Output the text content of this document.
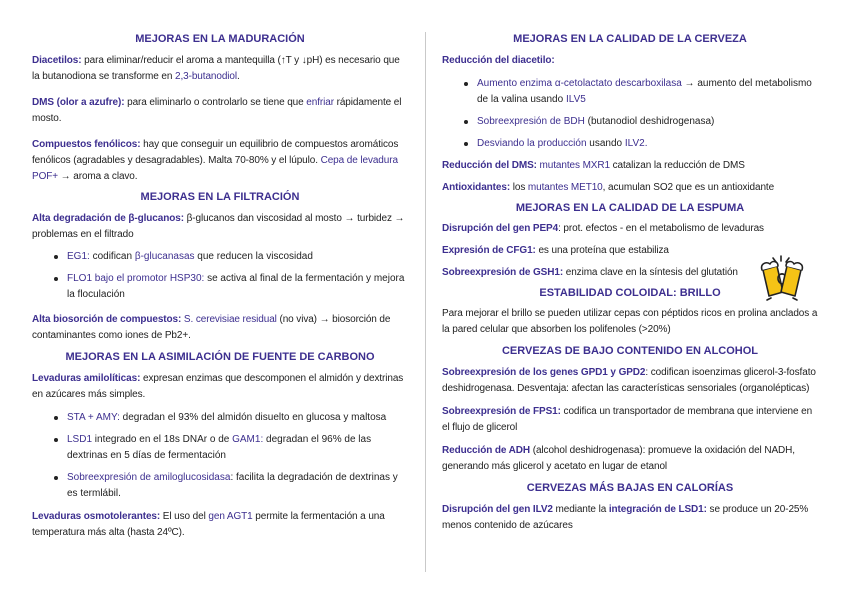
MEJORAS EN LA MADURACIÓN

Diacetilos: para eliminar/reducir el aroma a mantequilla (↑T y ↓pH) es necesario que la butanodiona se transforme en 2,3-butanodiol.

DMS (olor a azufre): para eliminarlo o controlarlo se tiene que enfriar rápidamente el mosto.

Compuestos fenólicos: hay que conseguir un equilibrio de compuestos aromáticos fenólicos (agradables y desagradables). Malta 70-80% y el lúpulo. Cepa de levadura POF+ → aroma a clavo.

MEJORAS EN LA FILTRACIÓN

Alta degradación de β-glucanos: β-glucanos dan viscosidad al mosto → turbidez → problemas en el filtrado

EG1: codifican β-glucanasas que reducen la viscosidad
FLO1 bajo el promotor HSP30: se activa al final de la fermentación y mejora la floculación

Alta biosorción de compuestos: S. cerevisiae residual (no viva) → biosorción de contaminantes como iones de Pb2+.

MEJORAS EN LA ASIMILACIÓN DE FUENTE DE CARBONO

Levaduras amilolíticas: expresan enzimas que descomponen el almidón y dextrinas en azúcares más simples.

STA + AMY: degradan el 93% del almidón disuelto en glucosa y maltosa
LSD1 integrado en el 18s DNAr o de GAM1: degradan el 96% de las dextrinas en 5 días de fermentación
Sobreexpresión de amiloglucosidasa: facilita la degradación de dextrinas y es termlábil.

Levaduras osmotolerantes: El uso del gen AGT1 permite la fermentación a una temperatura más alta (hasta 24ºC).

MEJORAS EN LA CALIDAD DE LA CERVEZA

Reducción del diacetilo:

Aumento enzima α-cetolactato descarboxilasa → aumento del metabolismo de la valina usando ILV5
Sobreexpresión de BDH (butanodiol deshidrogenasa)
Desviando la producción usando ILV2.

Reducción del DMS: mutantes MXR1 catalizan la reducción de DMS

Antioxidantes: los mutantes MET10, acumulan SO2 que es un antioxidante

MEJORAS EN LA CALIDAD DE LA ESPUMA

Disrupción del gen PEP4: prot. efectos - en el metabolismo de levaduras

Expresión de CFG1: es una proteína que estabiliza

Sobreexpresión de GSH1: enzima clave en la síntesis del glutatión

ESTABILIDAD COLOIDAL: BRILLO

Para mejorar el brillo se pueden utilizar cepas con péptidos ricos en prolina anclados a la pared celular que absorben los polifenoles (>20%)

CERVEZAS DE BAJO CONTENIDO EN ALCOHOL

Sobreexpresión de los genes GPD1 y GPD2: codifican isoenzimas glicerol-3-fosfato deshidrogenasa. Desventaja: afectan las características sensoriales (organolépticas)

Sobreexpresión de FPS1: codifica un transportador de membrana que interviene en el flujo de glicerol

Reducción de ADH (alcohol deshidrogenasa): promueve la oxidación del NADH, generando más glicerol y acetato en lugar de etanol

CERVEZAS MÁS BAJAS EN CALORÍAS

Disrupción del gen ILV2 mediante la integración de LSD1: se produce un 20-25% menos contenido de azúcares
